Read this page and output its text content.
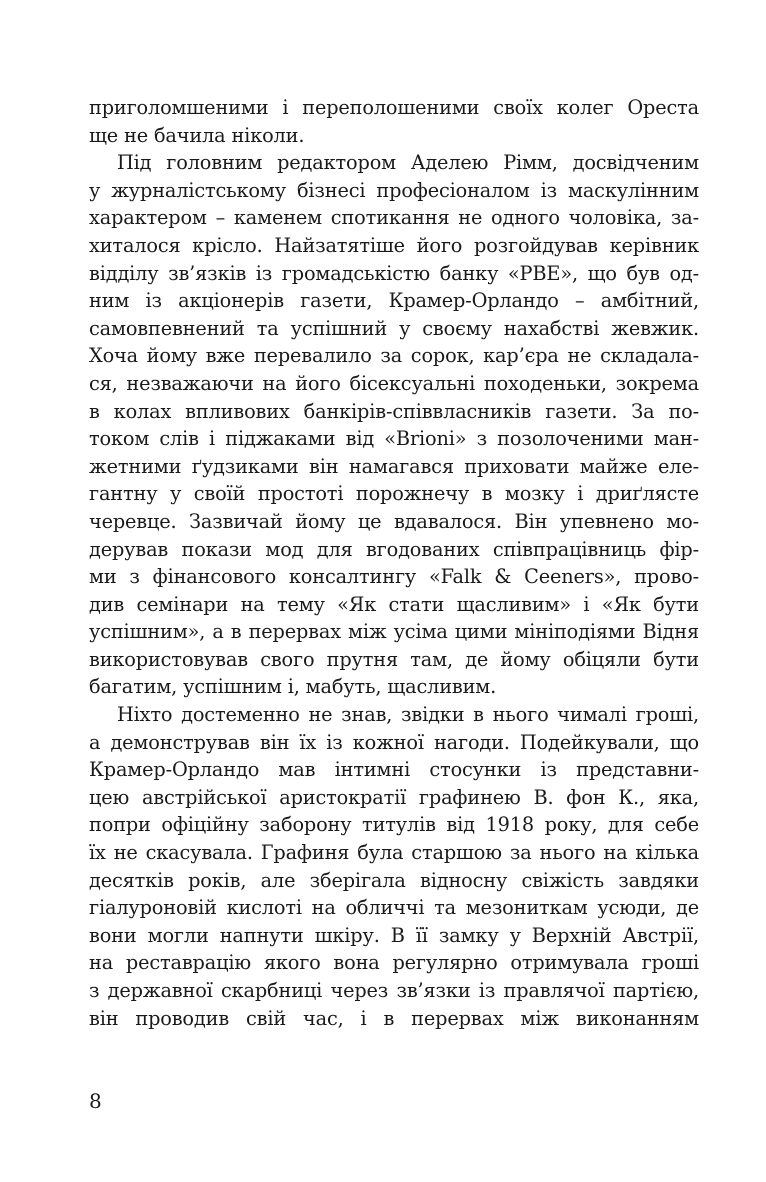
приголомшеними і переполошеними своїх колег Ореста
ще не бачила ніколи.
Під головним редактором Аделею Рімм, досвідченим
у журналістському бізнесі професіоналом із маскулінним
характером – каменем спотикання не одного чоловіка, за-
хиталося крісло. Найзатятіше його розгойдував керівник
відділу зв’язків із громадськістю банку «РВЕ», що був од-
ним із акціонерів газети, Крамер-Орландо – амбітний,
самовпевнений та успішний у своєму нахабстві жевжик.
Хоча йому вже перевалило за сорок, кар’єра не складала-
ся, незважаючи на його бісексуальні походеньки, зокрема
в колах впливових банкірів-співвласників газети. За по-
током слів і піджаками від «Brioni» з позолоченими ман-
жетними ґудзиками він намагався приховати майже еле-
гантну у своїй простоті порожнечу в мозку і дриґлясте
черевце. Зазвичай йому це вдавалося. Він упевнено мо-
дерував покази мод для вгодованих співпрацівниць фір-
ми з фінансового консалтингу «Falk & Ceeners», прово-
див семінари на тему «Як стати щасливим» і «Як бути
успішним», а в перервах між усіма цими мініподіями Відня
використовував свого прутня там, де йому обіцяли бути
багатим, успішним і, мабуть, щасливим.
Ніхто достеменно не знав, звідки в нього чималі гроші,
а демонстрував він їх із кожної нагоди. Подейкували, що
Крамер-Орландо мав інтимні стосунки із представни-
цею австрійської аристократії графинею В. фон К., яка,
попри офіційну заборону титулів від 1918 року, для себе
їх не скасувала. Графиня була старшою за нього на кілька
десятків років, але зберігала відносну свіжість завдяки
гіалуроновій кислоті на обличчі та мезониткам усюди, де
вони могли напнути шкіру. В її замку у Верхній Австрії,
на реставрацію якого вона регулярно отримувала гроші
з державної скарбниці через зв’язки із правлячої партією,
він проводив свій час, і в перервах між виконанням
8
